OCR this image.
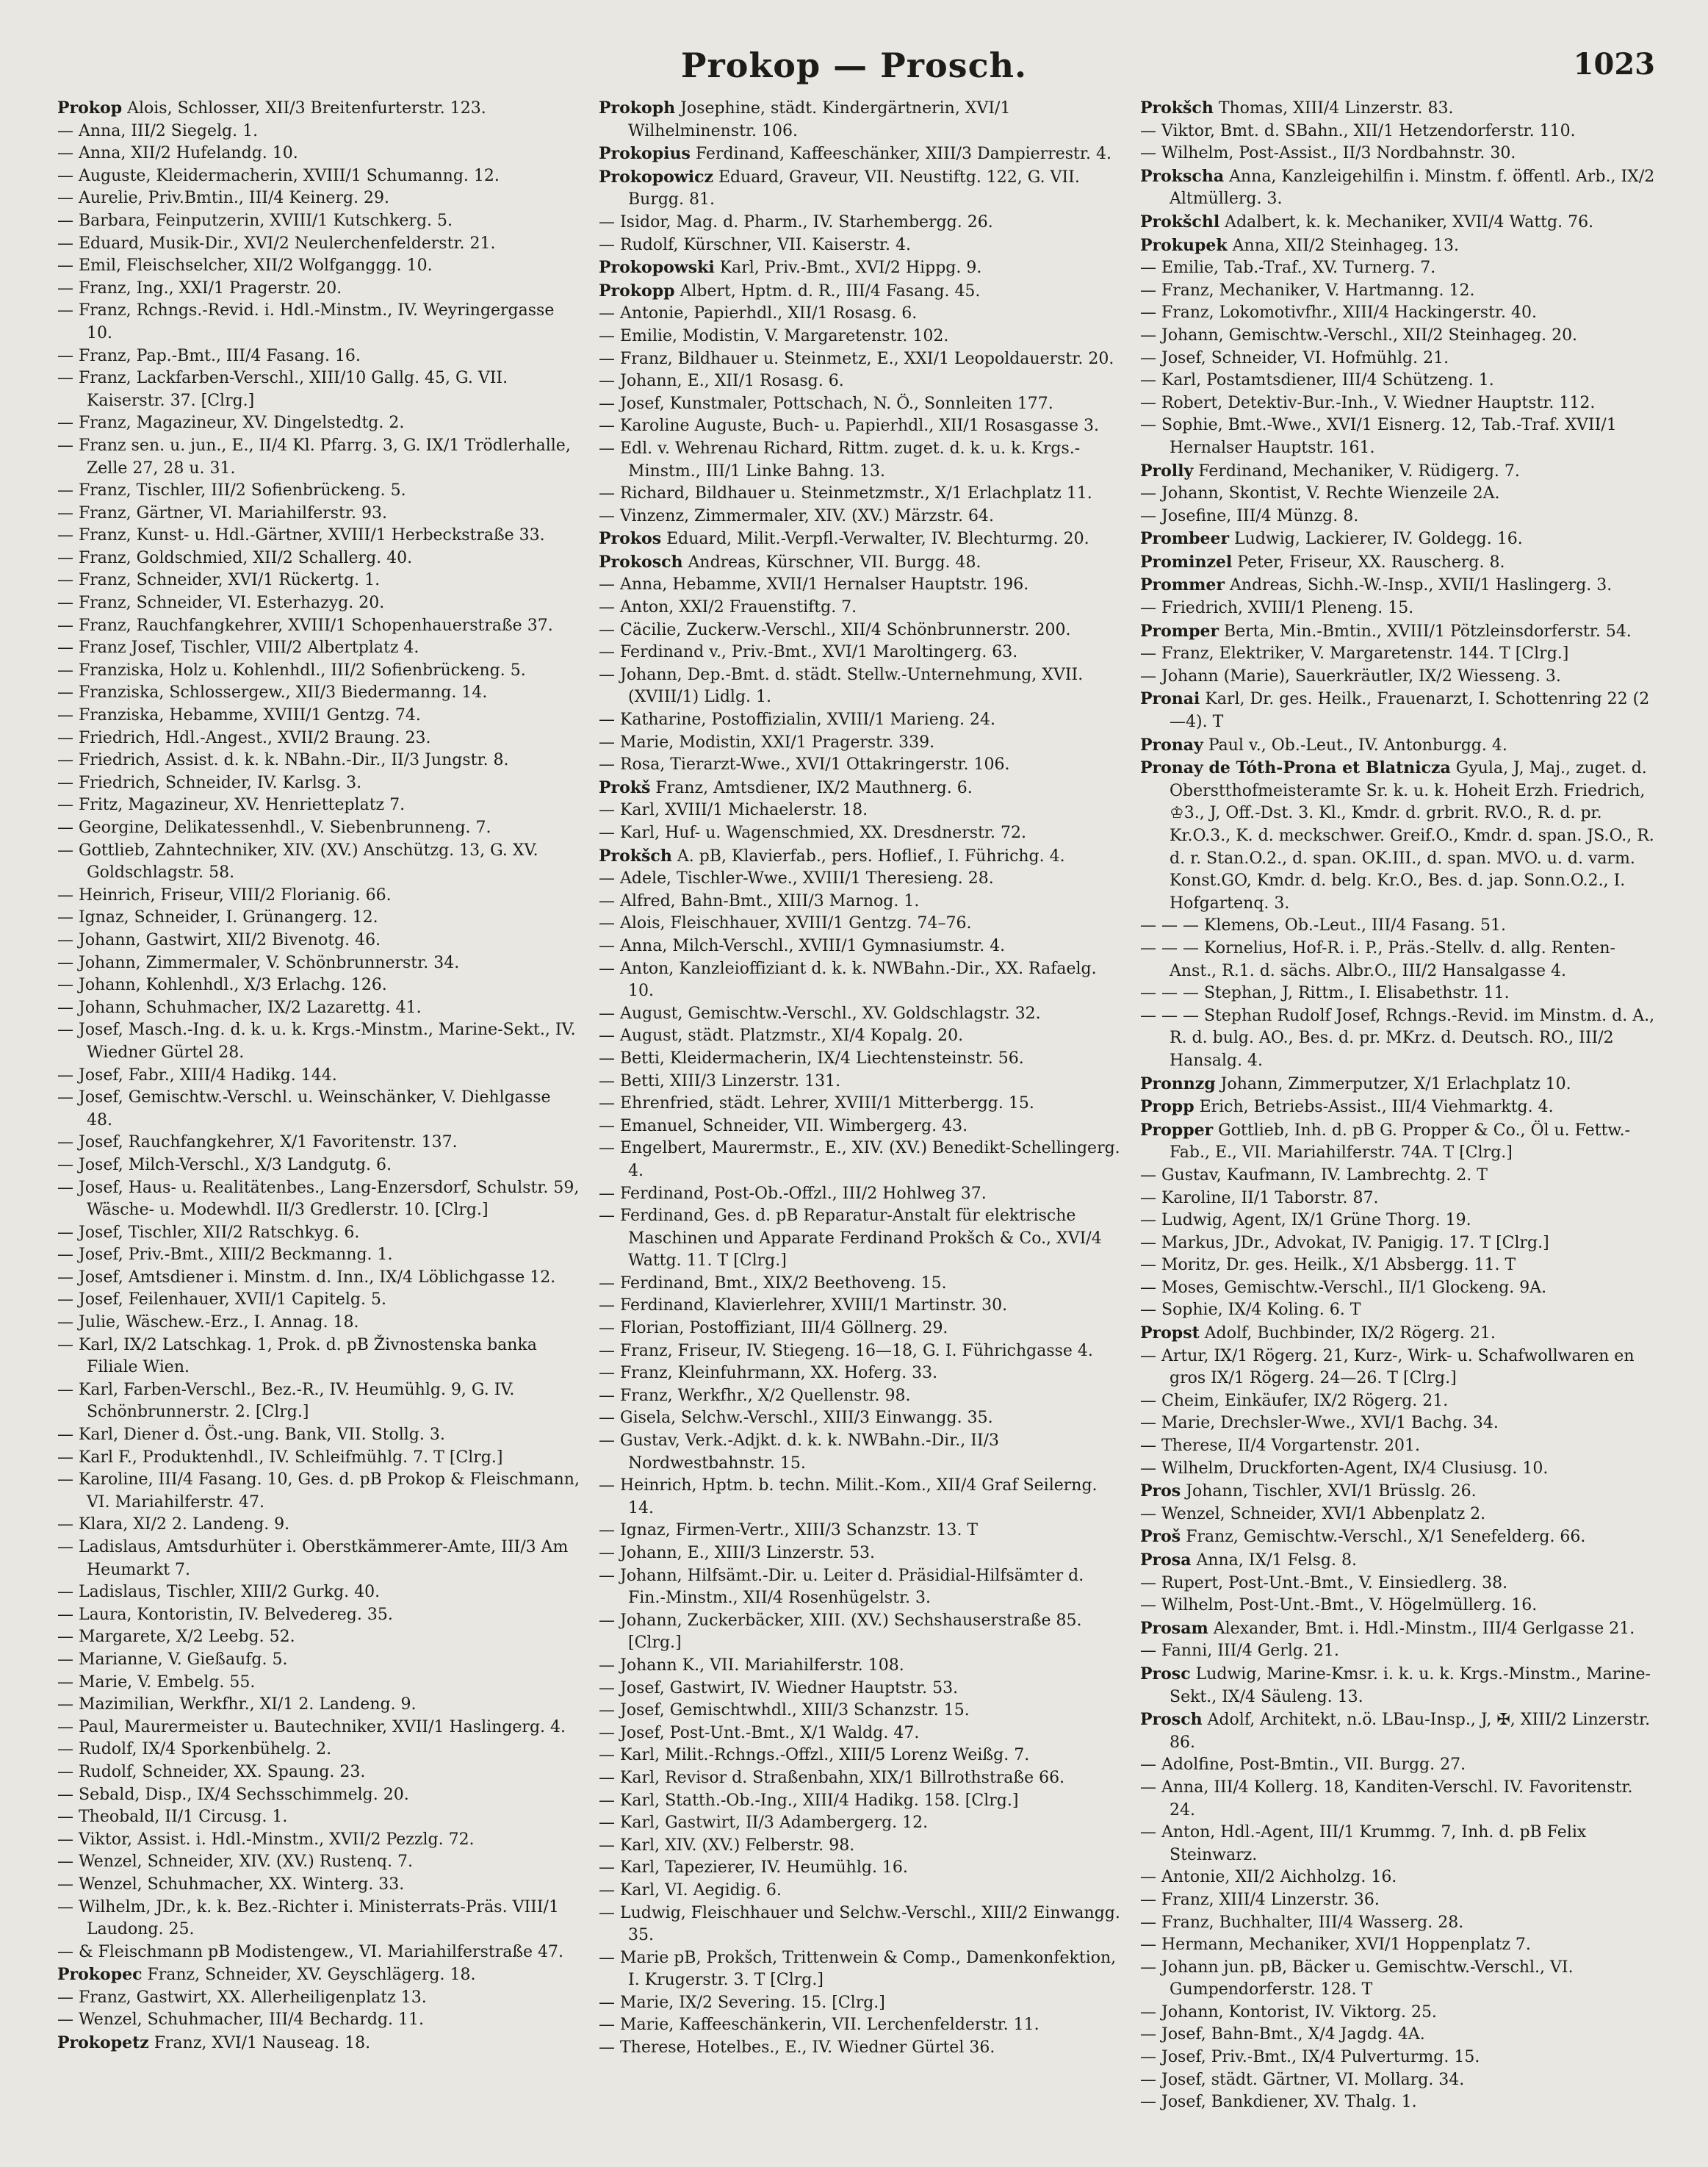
Prokop — Prosch.	1023

Prokop Alois, Schlosser, XII/3 Breitenfurterstr. 123.

— Anna, III/2 Siegelg. 1.

— Anna, XII/2 Hufelandg. 10.

— Auguste, Kleidermacherin, XVIII/1 Schumanng. 12.

— Aurelie, Priv.Bmtin., III/4 Keinerg. 29.

— Barbara, Feinputzerin, XVIII/1 Kutschkerg. 5.

— Eduard, Musik-Dir., XVI/2 Neulerchenfelderstr. 21.

— Emil, Fleischselcher, XII/2 Wolfganggg. 10.

— Franz, Ing., XXI/1 Pragerstr. 20.

— Franz, Rchngs.-Revid. i. Hdl.-Minstm., IV. Weyringergasse 10.

— Franz, Pap.-Bmt., III/4 Fasang. 16.

— Franz, Lackfarben-Verschl., XIII/10 Gallg. 45, G. VII. Kaiserstr. 37. [Clrg.]

— Franz, Magazineur, XV. Dingelstedtg. 2.

— Franz sen. u. jun., E., II/4 Kl. Pfarrg. 3, G. IX/1 Trödlerhalle, Zelle 27, 28 u. 31.

— Franz, Tischler, III/2 Sofienbrückeng. 5.

— Franz, Gärtner, VI. Mariahilferstr. 93.

— Franz, Kunst- u. Hdl.-Gärtner, XVIII/1 Herbeckstraße 33.

— Franz, Goldschmied, XII/2 Schallerg. 40.

— Franz, Schneider, XVI/1 Rückertg. 1.

— Franz, Schneider, VI. Esterhazyg. 20.

— Franz, Rauchfangkehrer, XVIII/1 Schopenhauerstraße 37.

— Franz Josef, Tischler, VIII/2 Albertplatz 4.

— Franziska, Holz u. Kohlenhdl., III/2 Sofienbrückeng. 5.

— Franziska, Schlossergew., XII/3 Biedermanng. 14.

— Franziska, Hebamme, XVIII/1 Gentzg. 74.

— Friedrich, Hdl.-Angest., XVII/2 Braung. 23.

— Friedrich, Assist. d. k. k. NBahn.-Dir., II/3 Jungstr. 8.

— Friedrich, Schneider, IV. Karlsg. 3.

— Fritz, Magazineur, XV. Henrietteplatz 7.

— Georgine, Delikatessenhdl., V. Siebenbrunneng. 7.

— Gottlieb, Zahntechniker, XIV. (XV.) Anschützg. 13, G. XV. Goldschlagstr. 58.

— Heinrich, Friseur, VIII/2 Florianig. 66.

— Ignaz, Schneider, I. Grünangerg. 12.

— Johann, Gastwirt, XII/2 Bivenotg. 46.

— Johann, Zimmermaler, V. Schönbrunnerstr. 34.

— Johann, Kohlenhdl., X/3 Erlachg. 126.

— Johann, Schuhmacher, IX/2 Lazarettg. 41.

— Josef, Masch.-Ing. d. k. u. k. Krgs.-Minstm., Marine-Sekt., IV. Wiedner Gürtel 28.

— Josef, Fabr., XIII/4 Hadikg. 144.

— Josef, Gemischtw.-Verschl. u. Weinschänker, V. Diehlgasse 48.

— Josef, Rauchfangkehrer, X/1 Favoritenstr. 137.

— Josef, Milch-Verschl., X/3 Landgutg. 6.

— Josef, Haus- u. Realitätenbes., Lang-Enzersdorf, Schulstr. 59, Wäsche- u. Modewhdl. II/3 Gredlerstr. 10. [Clrg.]

— Josef, Tischler, XII/2 Ratschkyg. 6.

— Josef, Priv.-Bmt., XIII/2 Beckmanng. 1.

— Josef, Amtsdiener i. Minstm. d. Inn., IX/4 Löblichgasse 12.

— Josef, Feilenhauer, XVII/1 Capitelg. 5.

— Julie, Wäschew.-Erz., I. Annag. 18.

— Karl, IX/2 Latschkag. 1, Prok. d. pB Živnostenska banka Filiale Wien.

— Karl, Farben-Verschl., Bez.-R., IV. Heumühlg. 9, G. IV. Schönbrunnerstr. 2. [Clrg.]

— Karl, Diener d. Öst.-ung. Bank, VII. Stollg. 3.

— Karl F., Produktenhdl., IV. Schleifmühlg. 7. T [Clrg.]

— Karoline, III/4 Fasang. 10, Ges. d. pB Prokop & Fleischmann, VI. Mariahilferstr. 47.

— Klara, XI/2 2. Landeng. 9.

— Ladislaus, Amtsdurhüter i. Oberstkämmerer-Amte, III/3 Am Heumarkt 7.

— Ladislaus, Tischler, XIII/2 Gurkg. 40.

— Laura, Kontoristin, IV. Belvedereg. 35.

— Margarete, X/2 Leebg. 52.

— Marianne, V. Gießaufg. 5.

— Marie, V. Embelg. 55.

— Mazimilian, Werkfhr., XI/1 2. Landeng. 9.

— Paul, Maurermeister u. Bautechniker, XVII/1 Haslingerg. 4.

— Rudolf, IX/4 Sporkenbühelg. 2.

— Rudolf, Schneider, XX. Spaung. 23.

— Sebald, Disp., IX/4 Sechsschimmelg. 20.

— Theobald, II/1 Circusg. 1.

— Viktor, Assist. i. Hdl.-Minstm., XVII/2 Pezzlg. 72.

— Wenzel, Schneider, XIV. (XV.) Rustenq. 7.

— Wenzel, Schuhmacher, XX. Winterg. 33.

— Wilhelm, JDr., k. k. Bez.-Richter i. Ministerrats-Präs. VIII/1 Laudong. 25.

— & Fleischmann pB Modistengew., VI. Mariahilferstraße 47.

Prokopec Franz, Schneider, XV. Geyschlägerg. 18.

— Franz, Gastwirt, XX. Allerheiligenplatz 13.

— Wenzel, Schuhmacher, III/4 Bechardg. 11.

Prokopetz Franz, XVI/1 Nauseag. 18.

Prokoph Josephine, städt. Kindergärtnerin, XVI/1 Wilhelminenstr. 106.

Prokopius Ferdinand, Kaffeeschänker, XIII/3 Dampierrestr. 4.

Prokopowicz Eduard, Graveur, VII. Neustiftg. 122, G. VII. Burgg. 81.

— Isidor, Mag. d. Pharm., IV. Starhembergg. 26.

— Rudolf, Kürschner, VII. Kaiserstr. 4.

Prokopowski Karl, Priv.-Bmt., XVI/2 Hippg. 9.

Prokopp Albert, Hptm. d. R., III/4 Fasang. 45.

— Antonie, Papierhdl., XII/1 Rosasg. 6.

— Emilie, Modistin, V. Margaretenstr. 102.

— Franz, Bildhauer u. Steinmetz, E., XXI/1 Leopoldauerstr. 20.

— Johann, E., XII/1 Rosasg. 6.

— Josef, Kunstmaler, Pottschach, N. Ö., Sonnleiten 177.

— Karoline Auguste, Buch- u. Papierhdl., XII/1 Rosasgasse 3.

— Edl. v. Wehrenau Richard, Rittm. zuget. d. k. u. k. Krgs.-Minstm., III/1 Linke Bahng. 13.

— Richard, Bildhauer u. Steinmetzmstr., X/1 Erlachplatz 11.

— Vinzenz, Zimmermaler, XIV. (XV.) Märzstr. 64.

Prokos Eduard, Milit.-Verpfl.-Verwalter, IV. Blechturmg. 20.

Prokosch Andreas, Kürschner, VII. Burgg. 48.

— Anna, Hebamme, XVII/1 Hernalser Hauptstr. 196.

— Anton, XXI/2 Frauenstiftg. 7.

— Cäcilie, Zuckerw.-Verschl., XII/4 Schönbrunnerstr. 200.

— Ferdinand v., Priv.-Bmt., XVI/1 Maroltingerg. 63.

— Johann, Dep.-Bmt. d. städt. Stellw.-Unternehmung, XVII. (XVIII/1) Lidlg. 1.

— Katharine, Postoffizialin, XVIII/1 Marieng. 24.

— Marie, Modistin, XXI/1 Pragerstr. 339.

— Rosa, Tierarzt-Wwe., XVI/1 Ottakringerstr. 106.

Prokš Franz, Amtsdiener, IX/2 Mauthnerg. 6.

— Karl, XVIII/1 Michaelerstr. 18.

— Karl, Huf- u. Wagenschmied, XX. Dresdnerstr. 72.

Prokšch A. pB, Klavierfab., pers. Hoflief., I. Führichg. 4.

— Adele, Tischler-Wwe., XVIII/1 Theresieng. 28.

— Alfred, Bahn-Bmt., XIII/3 Marnog. 1.

— Alois, Fleischhauer, XVIII/1 Gentzg. 74–76.

— Anna, Milch-Verschl., XVIII/1 Gymnasiumstr. 4.

— Anton, Kanzleioffiziant d. k. k. NWBahn.-Dir., XX. Rafaelg. 10.

— August, Gemischtw.-Verschl., XV. Goldschlagstr. 32.

— August, städt. Platzmstr., XI/4 Kopalg. 20.

— Betti, Kleidermacherin, IX/4 Liechtensteinstr. 56.

— Betti, XIII/3 Linzerstr. 131.

— Ehrenfried, städt. Lehrer, XVIII/1 Mitterbergg. 15.

— Emanuel, Schneider, VII. Wimbergerg. 43.

— Engelbert, Maurermstr., E., XIV. (XV.) Benedikt-Schellingerg. 4.

— Ferdinand, Post-Ob.-Offzl., III/2 Hohlweg 37.

— Ferdinand, Ges. d. pB Reparatur-Anstalt für elektrische Maschinen und Apparate Ferdinand Prokšch & Co., XVI/4 Wattg. 11. T [Clrg.]

— Ferdinand, Bmt., XIX/2 Beethoveng. 15.

— Ferdinand, Klavierlehrer, XVIII/1 Martinstr. 30.

— Florian, Postoffiziant, III/4 Göllnerg. 29.

— Franz, Friseur, IV. Stiegeng. 16—18, G. I. Führichgasse 4.

— Franz, Kleinfuhrmann, XX. Hoferg. 33.

— Franz, Werkfhr., X/2 Quellenstr. 98.

— Gisela, Selchw.-Verschl., XIII/3 Einwangg. 35.

— Gustav, Verk.-Adjkt. d. k. k. NWBahn.-Dir., II/3 Nordwestbahnstr. 15.

— Heinrich, Hptm. b. techn. Milit.-Kom., XII/4 Graf Seilerng. 14.

— Ignaz, Firmen-Vertr., XIII/3 Schanzstr. 13. T

— Johann, E., XIII/3 Linzerstr. 53.

— Johann, Hilfsämt.-Dir. u. Leiter d. Präsidial-Hilfsämter d. Fin.-Minstm., XII/4 Rosenhügelstr. 3.

— Johann, Zuckerbäcker, XIII. (XV.) Sechshauserstraße 85. [Clrg.]

— Johann K., VII. Mariahilferstr. 108.

— Josef, Gastwirt, IV. Wiedner Hauptstr. 53.

— Josef, Gemischtwhdl., XIII/3 Schanzstr. 15.

— Josef, Post-Unt.-Bmt., X/1 Waldg. 47.

— Karl, Milit.-Rchngs.-Offzl., XIII/5 Lorenz Weißg. 7.

— Karl, Revisor d. Straßenbahn, XIX/1 Billrothstraße 66.

— Karl, Statth.-Ob.-Ing., XIII/4 Hadikg. 158. [Clrg.]

— Karl, Gastwirt, II/3 Adambergerg. 12.

— Karl, XIV. (XV.) Felberstr. 98.

— Karl, Tapezierer, IV. Heumühlg. 16.

— Karl, VI. Aegidig. 6.

— Ludwig, Fleischhauer und Selchw.-Verschl., XIII/2 Einwangg. 35.

— Marie pB, Prokšch, Trittenwein & Comp., Damenkonfektion, I. Krugerstr. 3. T [Clrg.]

— Marie, IX/2 Severing. 15. [Clrg.]

— Marie, Kaffeeschänkerin, VII. Lerchenfelderstr. 11.

— Therese, Hotelbes., E., IV. Wiedner Gürtel 36.

Prokšch Thomas, XIII/4 Linzerstr. 83.

— Viktor, Bmt. d. SBahn., XII/1 Hetzendorferstr. 110.

— Wilhelm, Post-Assist., II/3 Nordbahnstr. 30.

Prokscha Anna, Kanzleigehilfin i. Minstm. f. öffentl. Arb., IX/2 Altmüllerg. 3.

Prokšchl Adalbert, k. k. Mechaniker, XVII/4 Wattg. 76.

Prokupek Anna, XII/2 Steinhageg. 13.

— Emilie, Tab.-Traf., XV. Turnerg. 7.

— Franz, Mechaniker, V. Hartmanng. 12.

— Franz, Lokomotivfhr., XIII/4 Hackingerstr. 40.

— Johann, Gemischtw.-Verschl., XII/2 Steinhageg. 20.

— Josef, Schneider, VI. Hofmühlg. 21.

— Karl, Postamtsdiener, III/4 Schützeng. 1.

— Robert, Detektiv-Bur.-Inh., V. Wiedner Hauptstr. 112.

— Sophie, Bmt.-Wwe., XVI/1 Eisnerg. 12, Tab.-Traf. XVII/1 Hernalser Hauptstr. 161.

Prolly Ferdinand, Mechaniker, V. Rüdigerg. 7.

— Johann, Skontist, V. Rechte Wienzeile 2A.

— Josefine, III/4 Münzg. 8.

Prombeer Ludwig, Lackierer, IV. Goldegg. 16.

Prominzel Peter, Friseur, XX. Rauscherg. 8.

Prommer Andreas, Sichh.-W.-Insp., XVII/1 Haslingerg. 3.

— Friedrich, XVIII/1 Pleneng. 15.

Promper Berta, Min.-Bmtin., XVIII/1 Pötzleinsdorferstr. 54.

— Franz, Elektriker, V. Margaretenstr. 144. T [Clrg.]

— Johann (Marie), Sauerkräutler, IX/2 Wiesseng. 3.

Pronai Karl, Dr. ges. Heilk., Frauenarzt, I. Schottenring 22 (2—4). T

Pronay Paul v., Ob.-Leut., IV. Antonburgg. 4.

Pronay de Tóth-Prona et Blatnicza Gyula, J, Maj., zuget. d. Oberstthofmeisteramte Sr. k. u. k. Hoheit Erzh. Friedrich, ♔3., J, Off.-Dst. 3. Kl., Kmdr. d. grbrit. RV.O., R. d. pr. Kr.O.3., K. d. meckschwer. Greif.O., Kmdr. d. span. JS.O., R. d. r. Stan.O.2., d. span. OK.III., d. span. MVO. u. d. varm. Konst.GO, Kmdr. d. belg. Kr.O., Bes. d. jap. Sonn.O.2., I. Hofgartenq. 3.

— — — Klemens, Ob.-Leut., III/4 Fasang. 51.

— — — Kornelius, Hof-R. i. P., Präs.-Stellv. d. allg. Renten-Anst., R.1. d. sächs. Albr.O., III/2 Hansalgasse 4.

— — — Stephan, J, Rittm., I. Elisabethstr. 11.

— — — Stephan Rudolf Josef, Rchngs.-Revid. im Minstm. d. A., R. d. bulg. AO., Bes. d. pr. MKrz. d. Deutsch. RO., III/2 Hansalg. 4.

Pronnzg Johann, Zimmerputzer, X/1 Erlachplatz 10.

Propp Erich, Betriebs-Assist., III/4 Viehmarktg. 4.

Propper Gottlieb, Inh. d. pB G. Propper & Co., Öl u. Fettw.-Fab., E., VII. Mariahilferstr. 74A. T [Clrg.]

— Gustav, Kaufmann, IV. Lambrechtg. 2. T

— Karoline, II/1 Taborstr. 87.

— Ludwig, Agent, IX/1 Grüne Thorg. 19.

— Markus, JDr., Advokat, IV. Panigig. 17. T [Clrg.]

— Moritz, Dr. ges. Heilk., X/1 Absbergg. 11. T

— Moses, Gemischtw.-Verschl., II/1 Glockeng. 9A.

— Sophie, IX/4 Koling. 6. T

Propst Adolf, Buchbinder, IX/2 Rögerg. 21.

— Artur, IX/1 Rögerg. 21, Kurz-, Wirk- u. Schafwollwaren en gros IX/1 Rögerg. 24—26. T [Clrg.]

— Cheim, Einkäufer, IX/2 Rögerg. 21.

— Marie, Drechsler-Wwe., XVI/1 Bachg. 34.

— Therese, II/4 Vorgartenstr. 201.

— Wilhelm, Druckforten-Agent, IX/4 Clusiusg. 10.

Pros Johann, Tischler, XVI/1 Brüsslg. 26.

— Wenzel, Schneider, XVI/1 Abbenplatz 2.

Proš Franz, Gemischtw.-Verschl., X/1 Senefelderg. 66.

Prosa Anna, IX/1 Felsg. 8.

— Rupert, Post-Unt.-Bmt., V. Einsiedlerg. 38.

— Wilhelm, Post-Unt.-Bmt., V. Högelmüllerg. 16.

Prosam Alexander, Bmt. i. Hdl.-Minstm., III/4 Gerlgasse 21.

— Fanni, III/4 Gerlg. 21.

Prosc Ludwig, Marine-Kmsr. i. k. u. k. Krgs.-Minstm., Marine-Sekt., IX/4 Säuleng. 13.

Prosch Adolf, Architekt, n.ö. LBau-Insp., J, ✠, XIII/2 Linzerstr. 86.

— Adolfine, Post-Bmtin., VII. Burgg. 27.

— Anna, III/4 Kollerg. 18, Kanditen-Verschl. IV. Favoritenstr. 24.

— Anton, Hdl.-Agent, III/1 Krummg. 7, Inh. d. pB Felix Steinwarz.

— Antonie, XII/2 Aichholzg. 16.

— Franz, XIII/4 Linzerstr. 36.

— Franz, Buchhalter, III/4 Wasserg. 28.

— Hermann, Mechaniker, XVI/1 Hoppenplatz 7.

— Johann jun. pB, Bäcker u. Gemischtw.-Verschl., VI. Gumpendorferstr. 128. T

— Johann, Kontorist, IV. Viktorg. 25.

— Josef, Bahn-Bmt., X/4 Jagdg. 4A.

— Josef, Priv.-Bmt., IX/4 Pulverturmg. 15.

— Josef, städt. Gärtner, VI. Mollarg. 34.

— Josef, Bankdiener, XV. Thalg. 1.
